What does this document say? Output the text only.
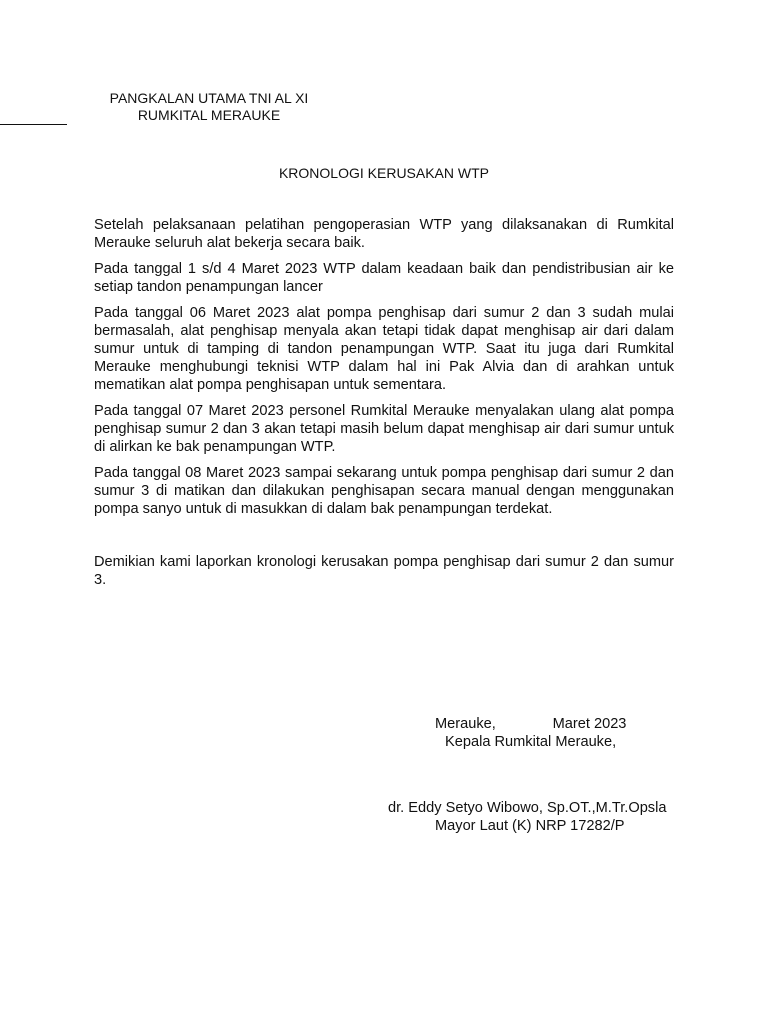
PANGKALAN UTAMA TNI AL XI
RUMKITAL MERAUKE
KRONOLOGI KERUSAKAN WTP

Setelah pelaksanaan pelatihan pengoperasian WTP yang dilaksanakan di Rumkital Merauke seluruh alat bekerja secara baik.

Pada tanggal 1 s/d 4 Maret 2023 WTP dalam keadaan baik dan pendistribusian air ke setiap tandon penampungan lancer

Pada tanggal 06 Maret 2023 alat pompa penghisap dari sumur 2 dan 3 sudah mulai bermasalah, alat penghisap menyala akan tetapi tidak dapat menghisap air dari dalam sumur untuk di tamping di tandon penampungan WTP. Saat itu juga dari Rumkital Merauke menghubungi teknisi WTP dalam hal ini Pak Alvia dan di arahkan untuk mematikan alat pompa penghisapan untuk sementara.

Pada tanggal 07 Maret 2023 personel Rumkital Merauke menyalakan ulang alat pompa penghisap sumur 2 dan 3 akan tetapi masih belum dapat menghisap air dari sumur untuk di alirkan ke bak penampungan WTP.

Pada tanggal 08 Maret 2023 sampai sekarang untuk pompa penghisap dari sumur 2 dan sumur 3 di matikan dan dilakukan penghisapan secara manual dengan menggunakan pompa sanyo untuk di masukkan di dalam bak penampungan terdekat.

Demikian kami laporkan kronologi kerusakan pompa penghisap dari sumur 2 dan sumur 3.

Merauke,              Maret 2023
Kepala Rumkital Merauke,
dr. Eddy Setyo Wibowo, Sp.OT.,M.Tr.Opsla
Mayor Laut (K) NRP 17282/P
